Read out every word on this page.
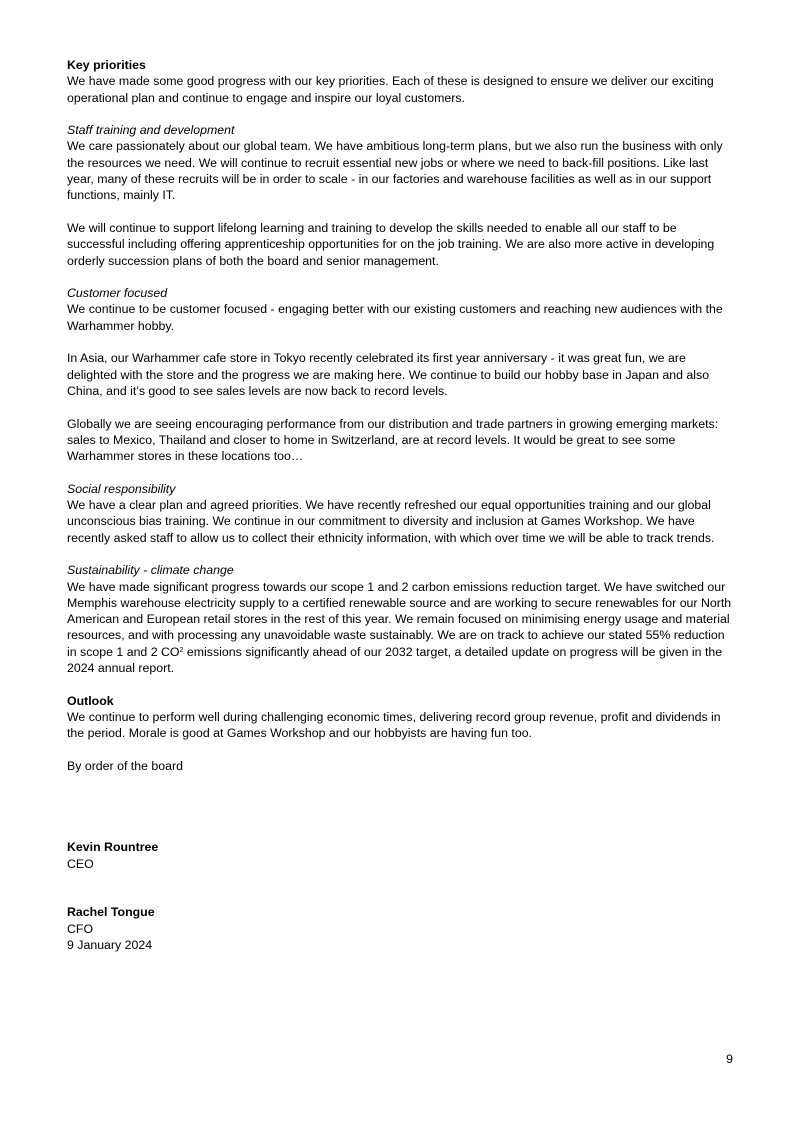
Key priorities

We have made some good progress with our key priorities. Each of these is designed to ensure we deliver our exciting operational plan and continue to engage and inspire our loyal customers.

Staff training and development

We care passionately about our global team. We have ambitious long-term plans, but we also run the business with only the resources we need. We will continue to recruit essential new jobs or where we need to back-fill positions. Like last year, many of these recruits will be in order to scale - in our factories and warehouse facilities as well as in our support functions, mainly IT.

We will continue to support lifelong learning and training to develop the skills needed to enable all our staff to be successful including offering apprenticeship opportunities for on the job training. We are also more active in developing orderly succession plans of both the board and senior management.

Customer focused

We continue to be customer focused - engaging better with our existing customers and reaching new audiences with the Warhammer hobby.

In Asia, our Warhammer cafe store in Tokyo recently celebrated its first year anniversary - it was great fun, we are delighted with the store and the progress we are making here. We continue to build our hobby base in Japan and also China, and it’s good to see sales levels are now back to record levels.

Globally we are seeing encouraging performance from our distribution and trade partners in growing emerging markets: sales to Mexico, Thailand and closer to home in Switzerland, are at record levels. It would be great to see some Warhammer stores in these locations too…

Social responsibility

We have a clear plan and agreed priorities. We have recently refreshed our equal opportunities training and our global unconscious bias training. We continue in our commitment to diversity and inclusion at Games Workshop. We have recently asked staff to allow us to collect their ethnicity information, with which over time we will be able to track trends.

Sustainability - climate change

We have made significant progress towards our scope 1 and 2 carbon emissions reduction target. We have switched our Memphis warehouse electricity supply to a certified renewable source and are working to secure renewables for our North American and European retail stores in the rest of this year. We remain focused on minimising energy usage and material resources, and with processing any unavoidable waste sustainably. We are on track to achieve our stated 55% reduction in scope 1 and 2 $CO^2$ emissions significantly ahead of our 2032 target, a detailed update on progress will be given in the 2024 annual report.

Outlook

We continue to perform well during challenging economic times, delivering record group revenue, profit and dividends in the period. Morale is good at Games Workshop and our hobbyists are having fun too.

By order of the board

Kevin Rountree

CEO

Rachel Tongue

CFO

9 January 2024

9
